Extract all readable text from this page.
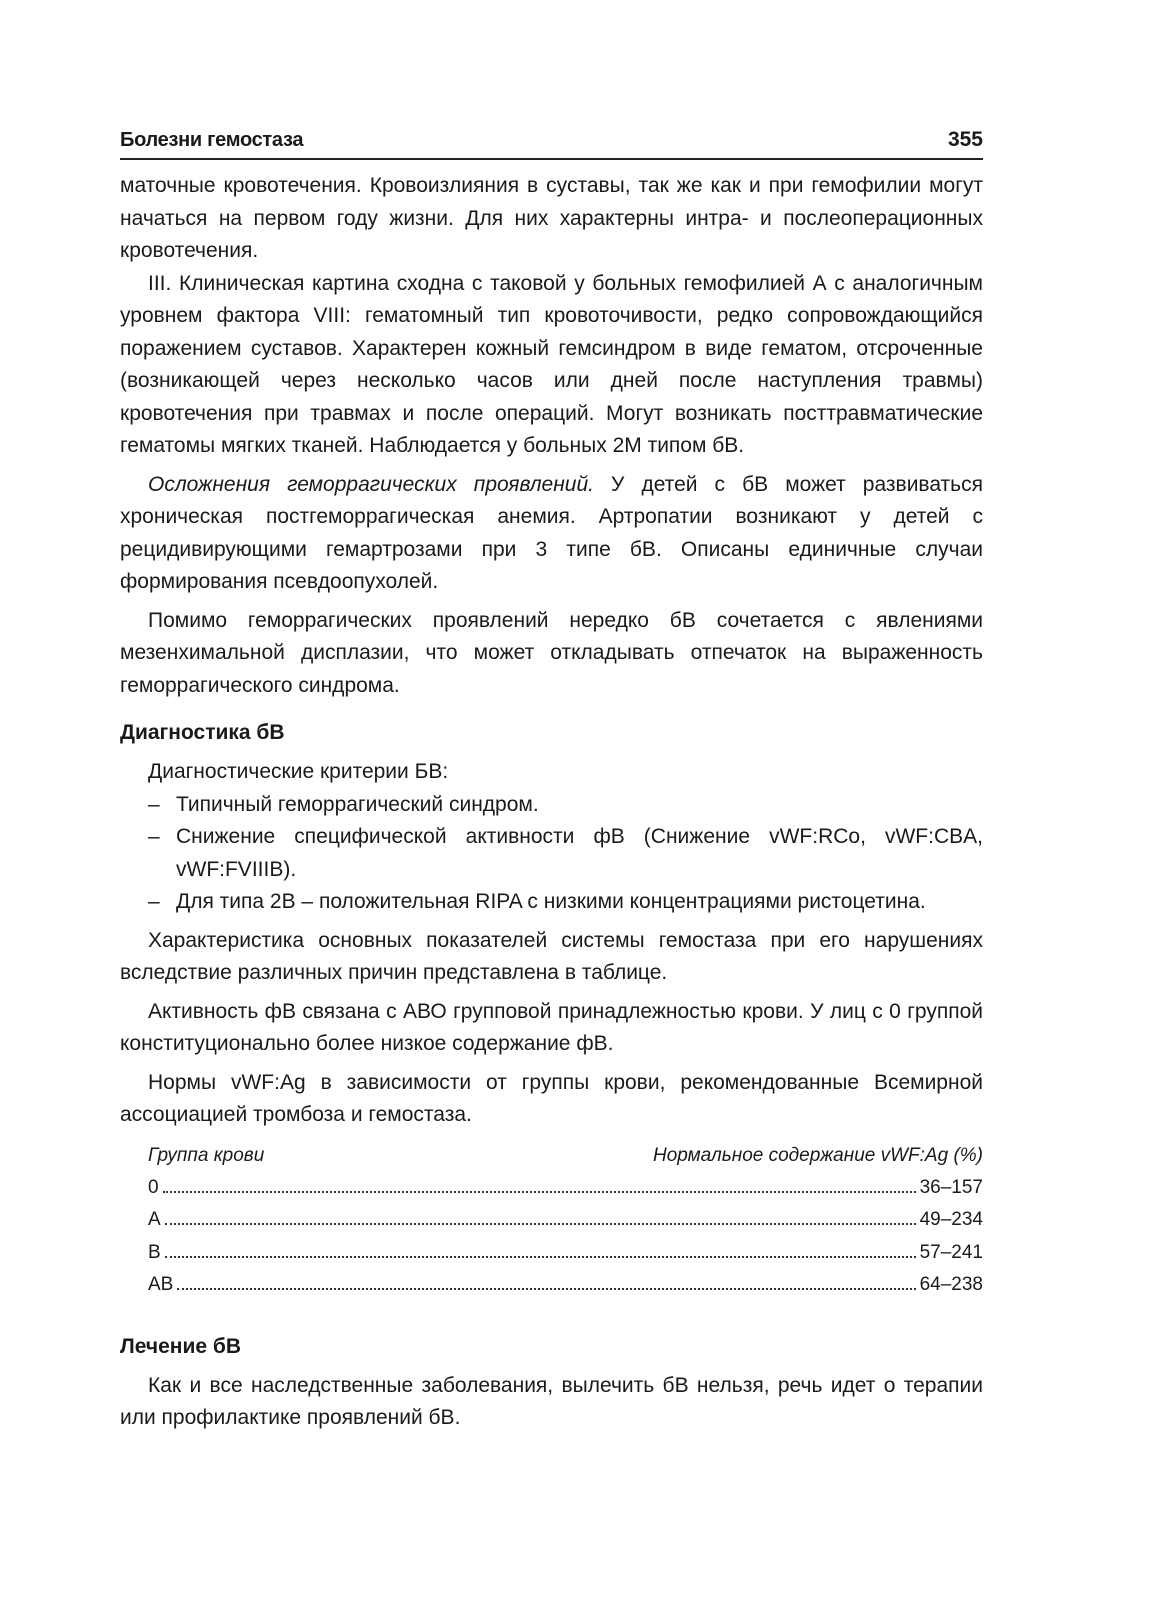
Болезни гемостаза	355

маточные кровотечения. Кровоизлияния в суставы, так же как и при гемофилии могут начаться на первом году жизни. Для них характерны интра- и послеоперационных кровотечения.

III. Клиническая картина сходна с таковой у больных гемофилией А с аналогичным уровнем фактора VIII: гематомный тип кровоточивости, редко сопровождающийся поражением суставов. Характерен кожный гемсиндром в виде гематом, отсроченные (возникающей через несколько часов или дней после наступления травмы) кровотечения при травмах и после операций. Могут возникать посттравматические гематомы мягких тканей. Наблюдается у больных 2М типом бВ.

Осложнения геморрагических проявлений. У детей с бВ может развиваться хроническая постгеморрагическая анемия. Артропатии возникают у детей с рецидивирующими гемартрозами при 3 типе бВ. Описаны единичные случаи формирования псевдоопухолей.

Помимо геморрагических проявлений нередко бВ сочетается с явлениями мезенхимальной дисплазии, что может откладывать отпечаток на выраженность геморрагического синдрома.

Диагностика бВ

Диагностические критерии БВ:

– Типичный геморрагический синдром.
– Снижение специфической активности фВ (Снижение vWF:RCo, vWF:CBA, vWF:FVIIIB).
– Для типа 2В – положительная RIPA с низкими концентрациями ристоцетина.

Характеристика основных показателей системы гемостаза при его нарушениях вследствие различных причин представлена в таблице.

Активность фВ связана с АВО групповой принадлежностью крови. У лиц с 0 группой конституционально более низкое содержание фВ.

Нормы vWF:Ag в зависимости от группы крови, рекомендованные Всемирной ассоциацией тромбоза и гемостаза.

Группа крови	Нормальное содержание vWF:Ag (%)
0	36–157
А	49–234
В	57–241
АВ	64–238
Лечение бВ

Как и все наследственные заболевания, вылечить бВ нельзя, речь идет о терапии или профилактике проявлений бВ.
